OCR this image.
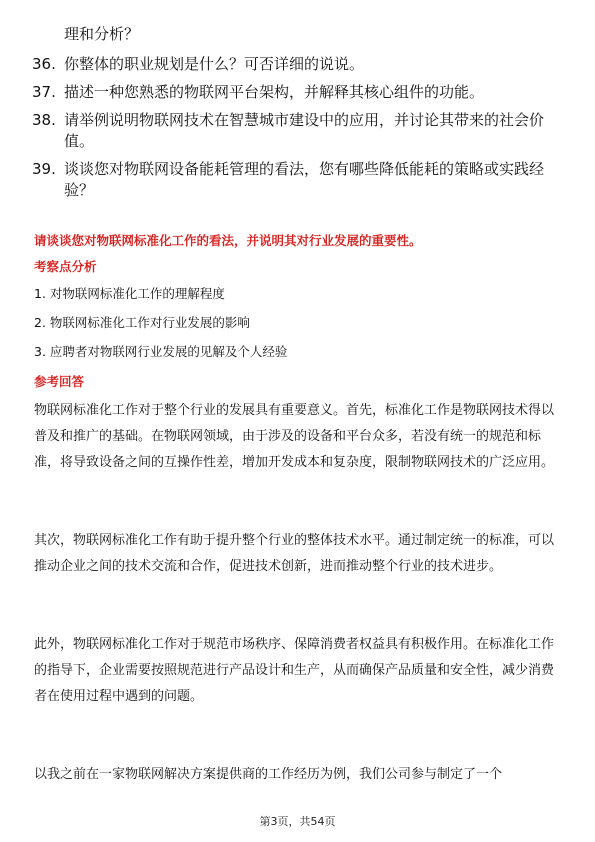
理和分析？
36. 你整体的职业规划是什么？可否详细的说说。
37. 描述一种您熟悉的物联网平台架构，并解释其核心组件的功能。
38. 请举例说明物联网技术在智慧城市建设中的应用，并讨论其带来的社会价值。
39. 谈谈您对物联网设备能耗管理的看法，您有哪些降低能耗的策略或实践经验？
请谈谈您对物联网标准化工作的看法，并说明其对行业发展的重要性。
考察点分析
1. 对物联网标准化工作的理解程度
2. 物联网标准化工作对行业发展的影响
3. 应聘者对物联网行业发展的见解及个人经验
参考回答

物联网标准化工作对于整个行业的发展具有重要意义。首先，标准化工作是物联网技术得以普及和推广的基础。在物联网领域，由于涉及的设备和平台众多，若没有统一的规范和标准，将导致设备之间的互操作性差，增加开发成本和复杂度，限制物联网技术的广泛应用。

其次，物联网标准化工作有助于提升整个行业的整体技术水平。通过制定统一的标准，可以推动企业之间的技术交流和合作，促进技术创新，进而推动整个行业的技术进步。

此外，物联网标准化工作对于规范市场秩序、保障消费者权益具有积极作用。在标准化工作的指导下，企业需要按照规范进行产品设计和生产，从而确保产品质量和安全性，减少消费者在使用过程中遇到的问题。

以我之前在一家物联网解决方案提供商的工作经历为例，我们公司参与制定了一个

第3页，共54页
